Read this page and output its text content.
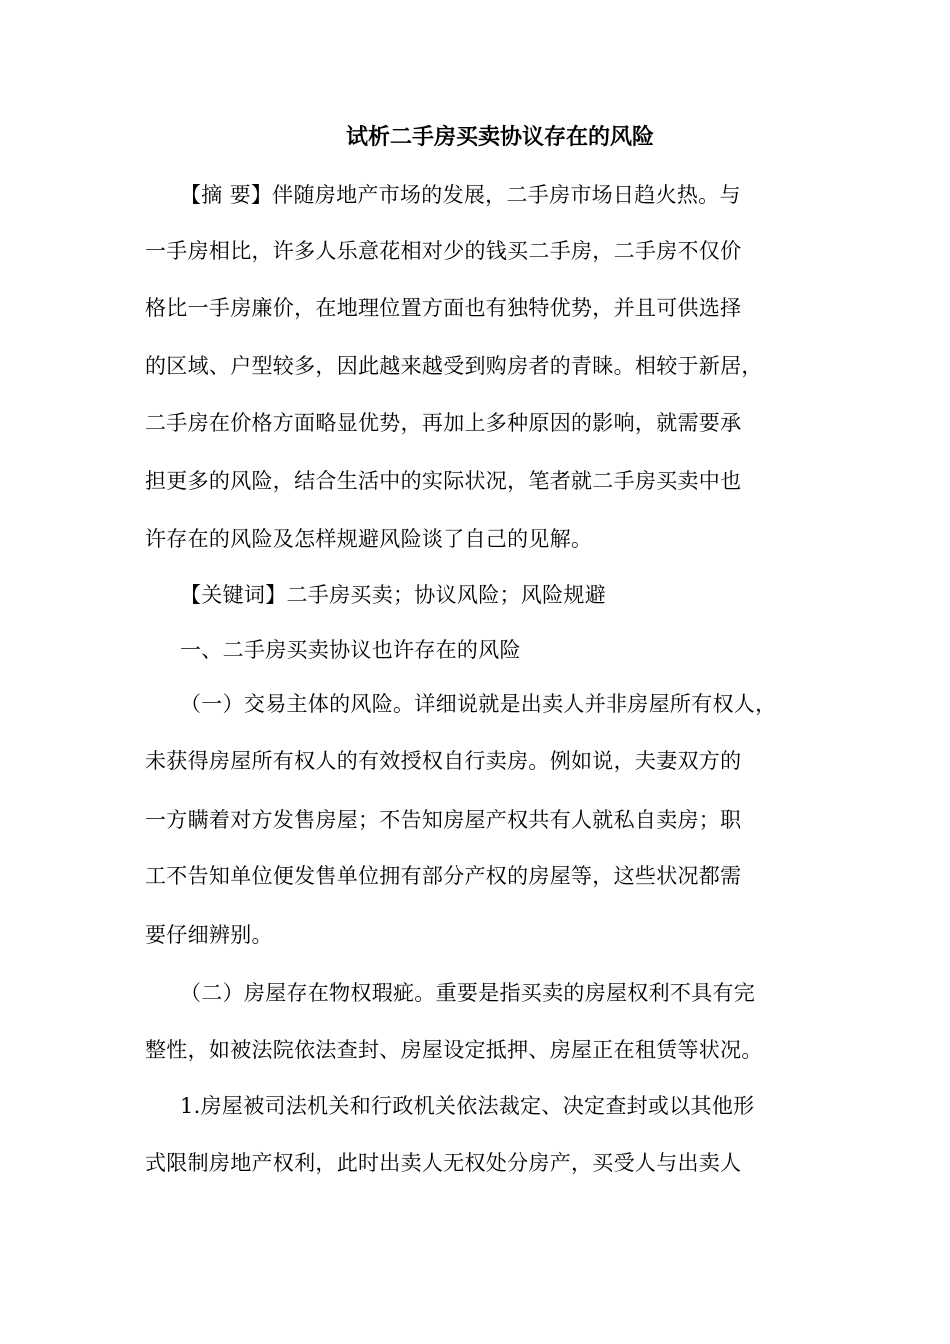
试析二手房买卖协议存在的风险
【摘 要】伴随房地产市场的发展，二手房市场日趋火热。与
一手房相比，许多人乐意花相对少的钱买二手房，二手房不仅价
格比一手房廉价，在地理位置方面也有独特优势，并且可供选择
的区域、户型较多，因此越来越受到购房者的青睐。相较于新居，
二手房在价格方面略显优势，再加上多种原因的影响，就需要承
担更多的风险，结合生活中的实际状况，笔者就二手房买卖中也
许存在的风险及怎样规避风险谈了自己的见解。
【关键词】二手房买卖；协议风险；风险规避
一、二手房买卖协议也许存在的风险
（一）交易主体的风险。详细说就是出卖人并非房屋所有权人，
未获得房屋所有权人的有效授权自行卖房。例如说，夫妻双方的
一方瞒着对方发售房屋；不告知房屋产权共有人就私自卖房；职
工不告知单位便发售单位拥有部分产权的房屋等，这些状况都需
要仔细辨别。
（二）房屋存在物权瑕疵。重要是指买卖的房屋权利不具有完
整性，如被法院依法查封、房屋设定抵押、房屋正在租赁等状况。
1.房屋被司法机关和行政机关依法裁定、决定查封或以其他形
式限制房地产权利，此时出卖人无权处分房产，买受人与出卖人
